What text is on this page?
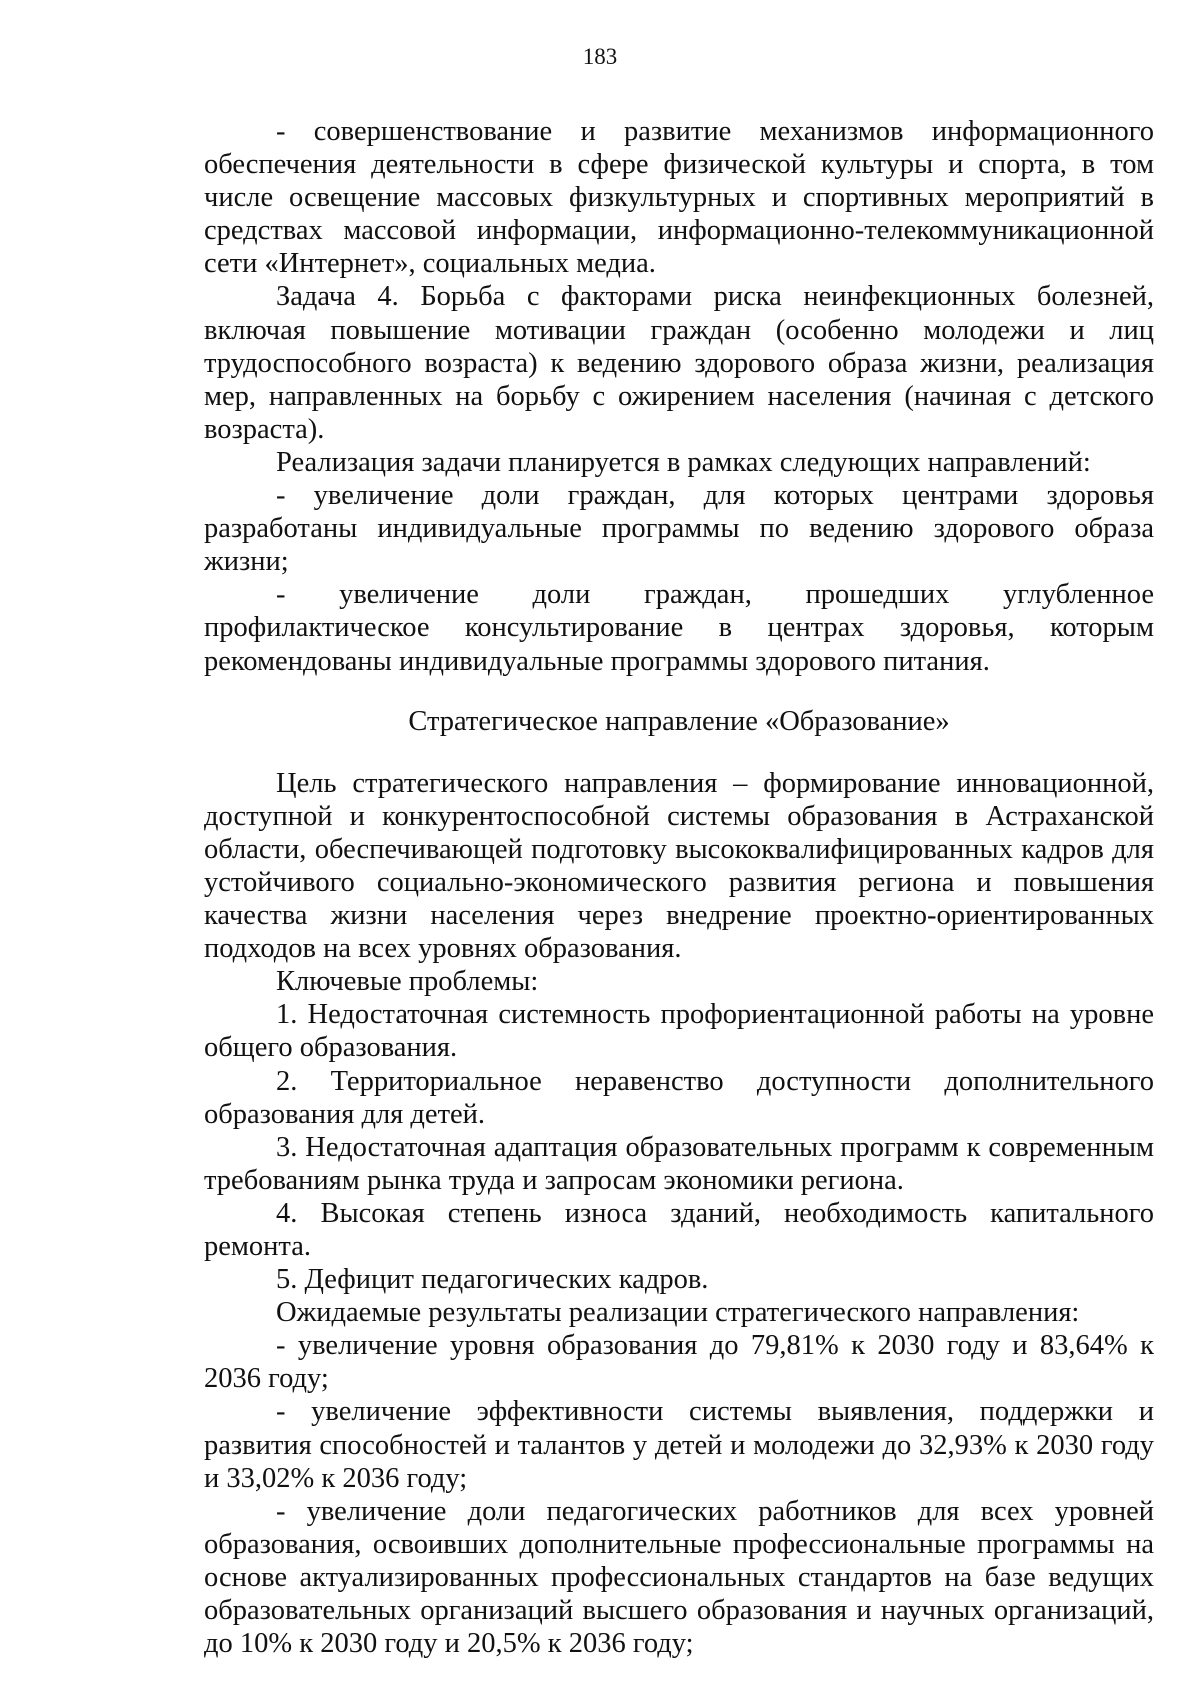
183

- совершенствование и развитие механизмов информационного обеспечения деятельности в сфере физической культуры и спорта, в том числе освещение массовых физкультурных и спортивных мероприятий в средствах массовой информации, информационно-телекоммуникационной сети «Интернет», социальных медиа.

Задача 4. Борьба с факторами риска неинфекционных болезней, включая повышение мотивации граждан (особенно молодежи и лиц трудоспособного возраста) к ведению здорового образа жизни, реализация мер, направленных на борьбу с ожирением населения (начиная с детского возраста).

Реализация задачи планируется в рамках следующих направлений:

- увеличение доли граждан, для которых центрами здоровья разработаны индивидуальные программы по ведению здорового образа жизни;

- увеличение доли граждан, прошедших углубленное профилактическое консультирование в центрах здоровья, которым рекомендованы индивидуальные программы здорового питания.

Стратегическое направление «Образование»

Цель стратегического направления – формирование инновационной, доступной и конкурентоспособной системы образования в Астраханской области, обеспечивающей подготовку высококвалифицированных кадров для устойчивого социально-экономического развития региона и повышения качества жизни населения через внедрение проектно-ориентированных подходов на всех уровнях образования.

Ключевые проблемы:

1. Недостаточная системность профориентационной работы на уровне общего образования.

2. Территориальное неравенство доступности дополнительного образования для детей.

3. Недостаточная адаптация образовательных программ к современным требованиям рынка труда и запросам экономики региона.

4. Высокая степень износа зданий, необходимость капитального ремонта.

5. Дефицит педагогических кадров.

Ожидаемые результаты реализации стратегического направления:

- увеличение уровня образования до 79,81% к 2030 году и 83,64% к 2036 году;

- увеличение эффективности системы выявления, поддержки и развития способностей и талантов у детей и молодежи до 32,93% к 2030 году и 33,02% к 2036 году;

- увеличение доли педагогических работников для всех уровней образования, освоивших дополнительные профессиональные программы на основе актуализированных профессиональных стандартов на базе ведущих образовательных организаций высшего образования и научных организаций, до 10% к 2030 году и 20,5% к 2036 году;
